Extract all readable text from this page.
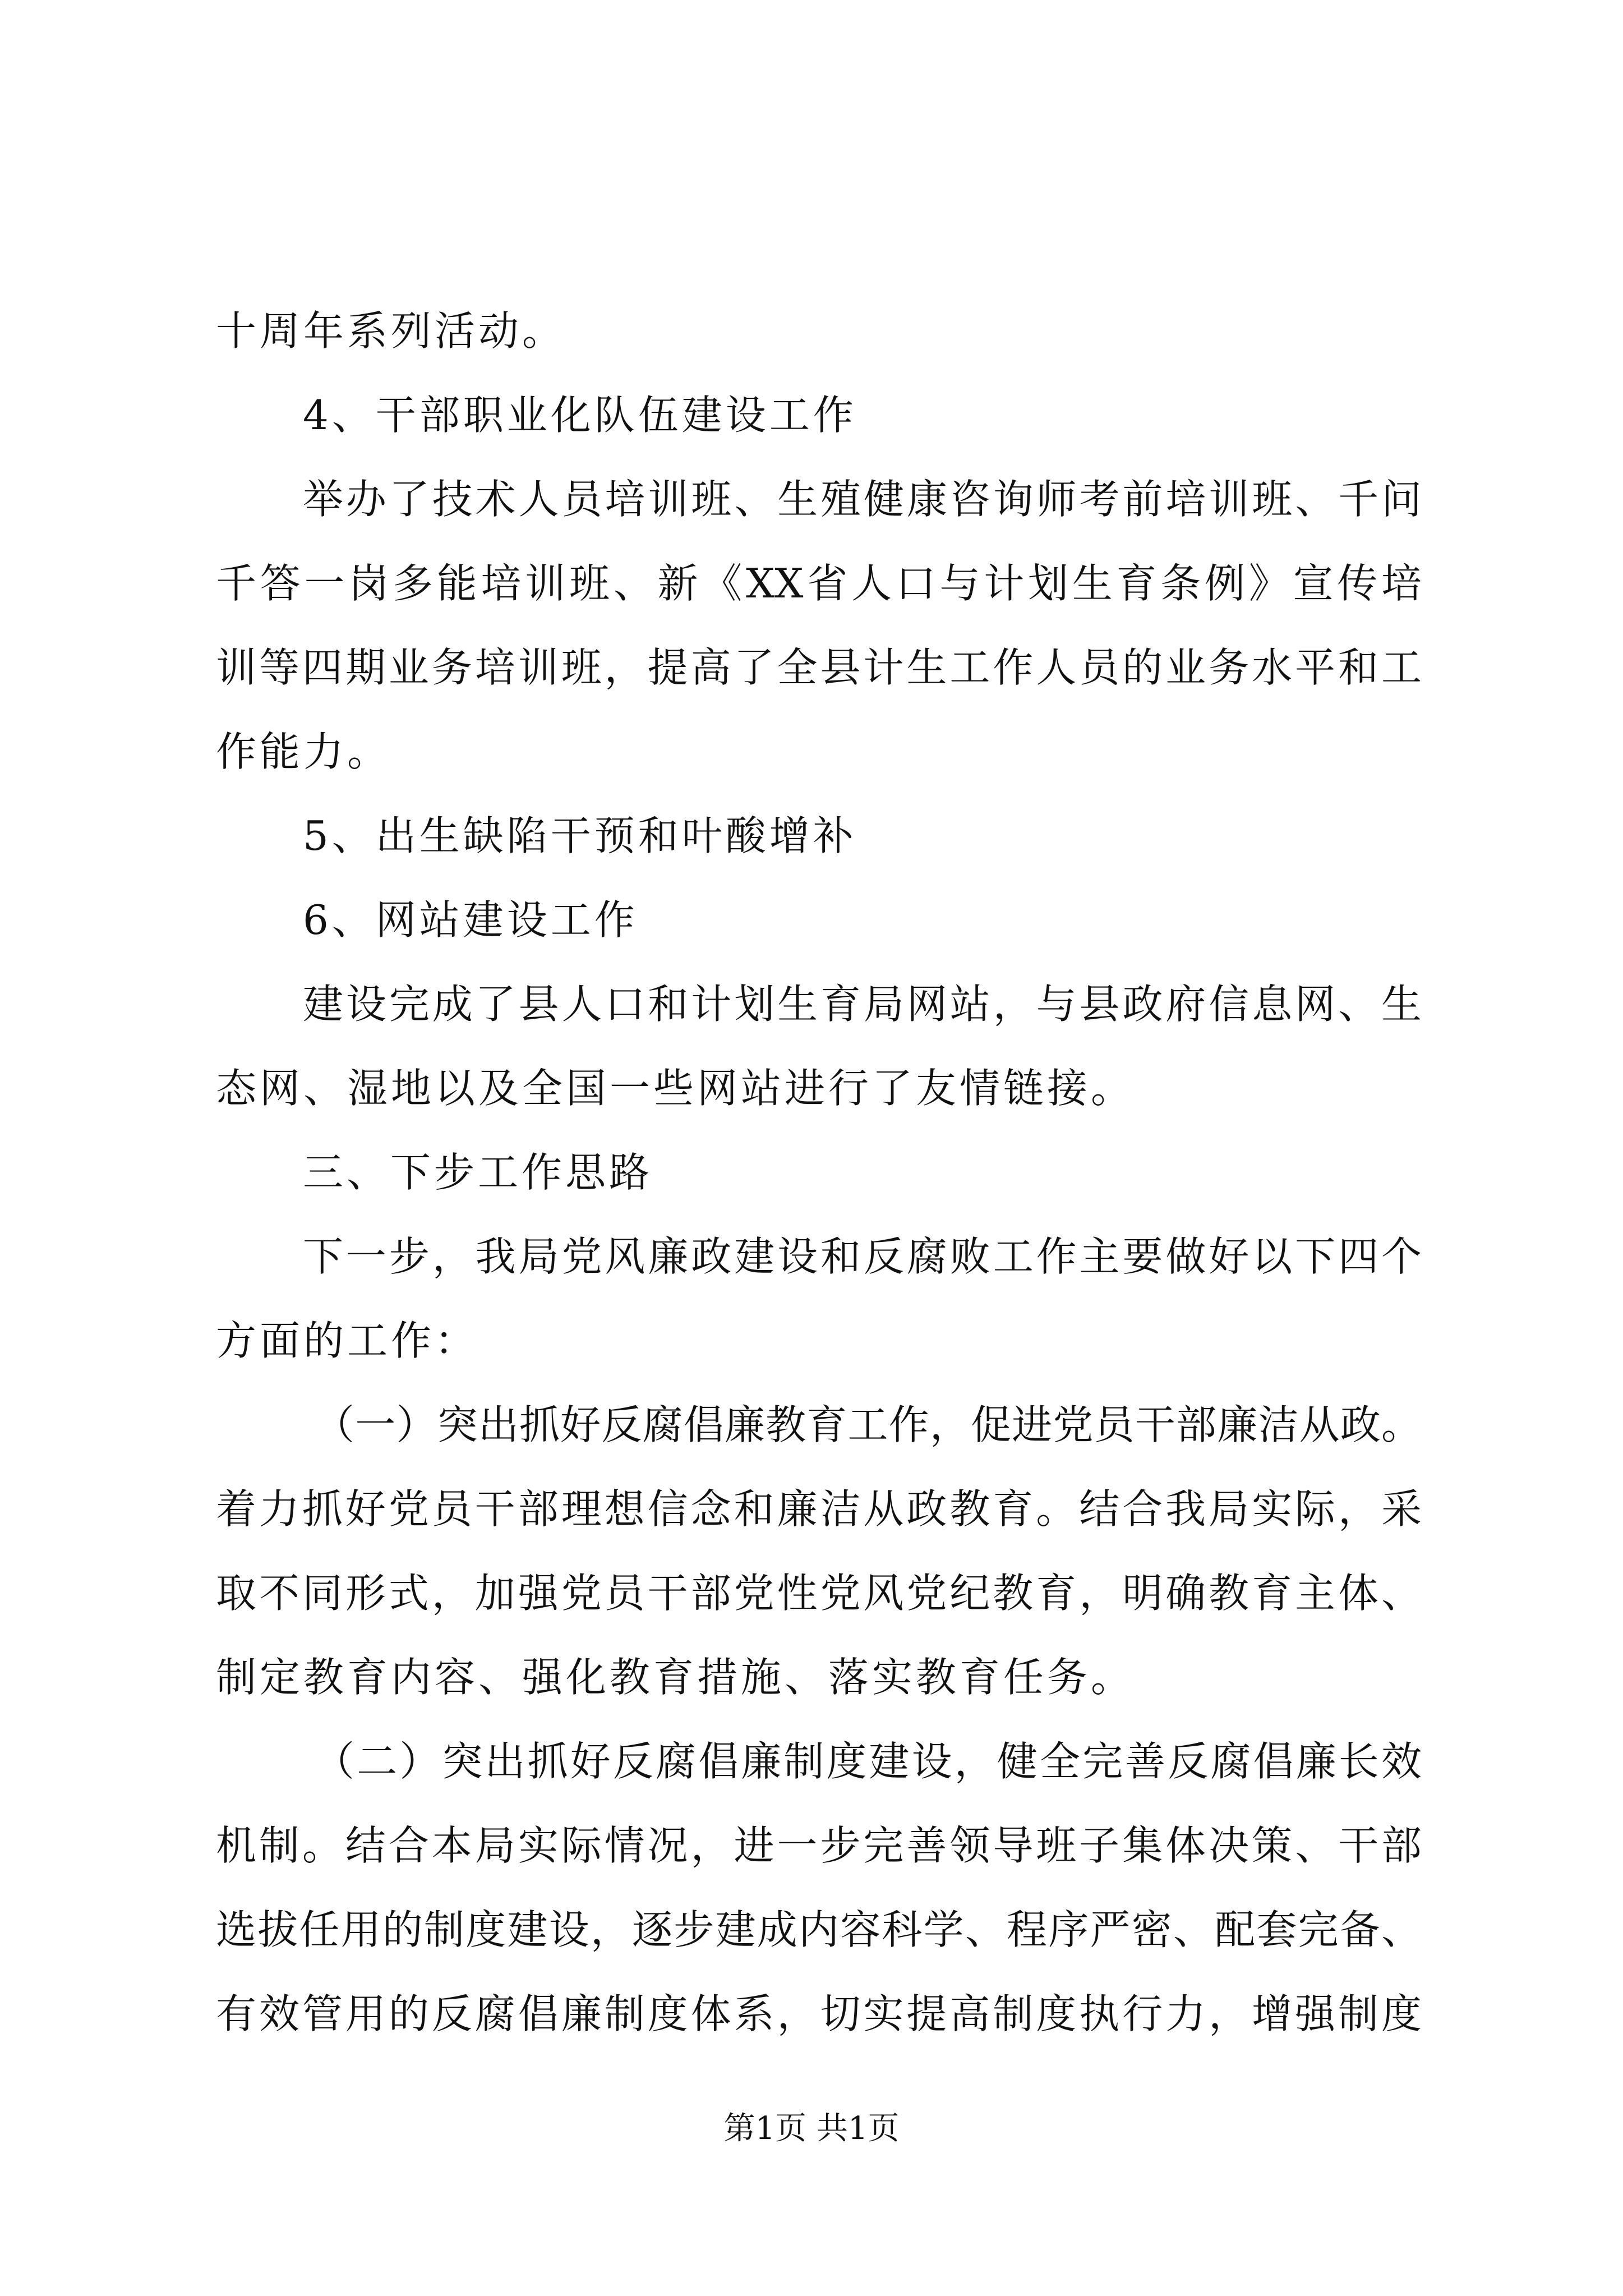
十周年系列活动。
4、干部职业化队伍建设工作
举办了技术人员培训班、生殖健康咨询师考前培训班、千问
千答一岗多能培训班、新《XX省人口与计划生育条例》宣传培
训等四期业务培训班，提高了全县计生工作人员的业务水平和工
作能力。
5、出生缺陷干预和叶酸增补
6、网站建设工作
建设完成了县人口和计划生育局网站，与县政府信息网、生
态网、湿地以及全国一些网站进行了友情链接。
三、下步工作思路
下一步，我局党风廉政建设和反腐败工作主要做好以下四个
方面的工作：
（一）突出抓好反腐倡廉教育工作，促进党员干部廉洁从政。
着力抓好党员干部理想信念和廉洁从政教育。结合我局实际，采
取不同形式，加强党员干部党性党风党纪教育，明确教育主体、
制定教育内容、强化教育措施、落实教育任务。
（二）突出抓好反腐倡廉制度建设，健全完善反腐倡廉长效
机制。结合本局实际情况，进一步完善领导班子集体决策、干部
选拔任用的制度建设，逐步建成内容科学、程序严密、配套完备、
有效管用的反腐倡廉制度体系，切实提高制度执行力，增强制度
第1页 共1页
